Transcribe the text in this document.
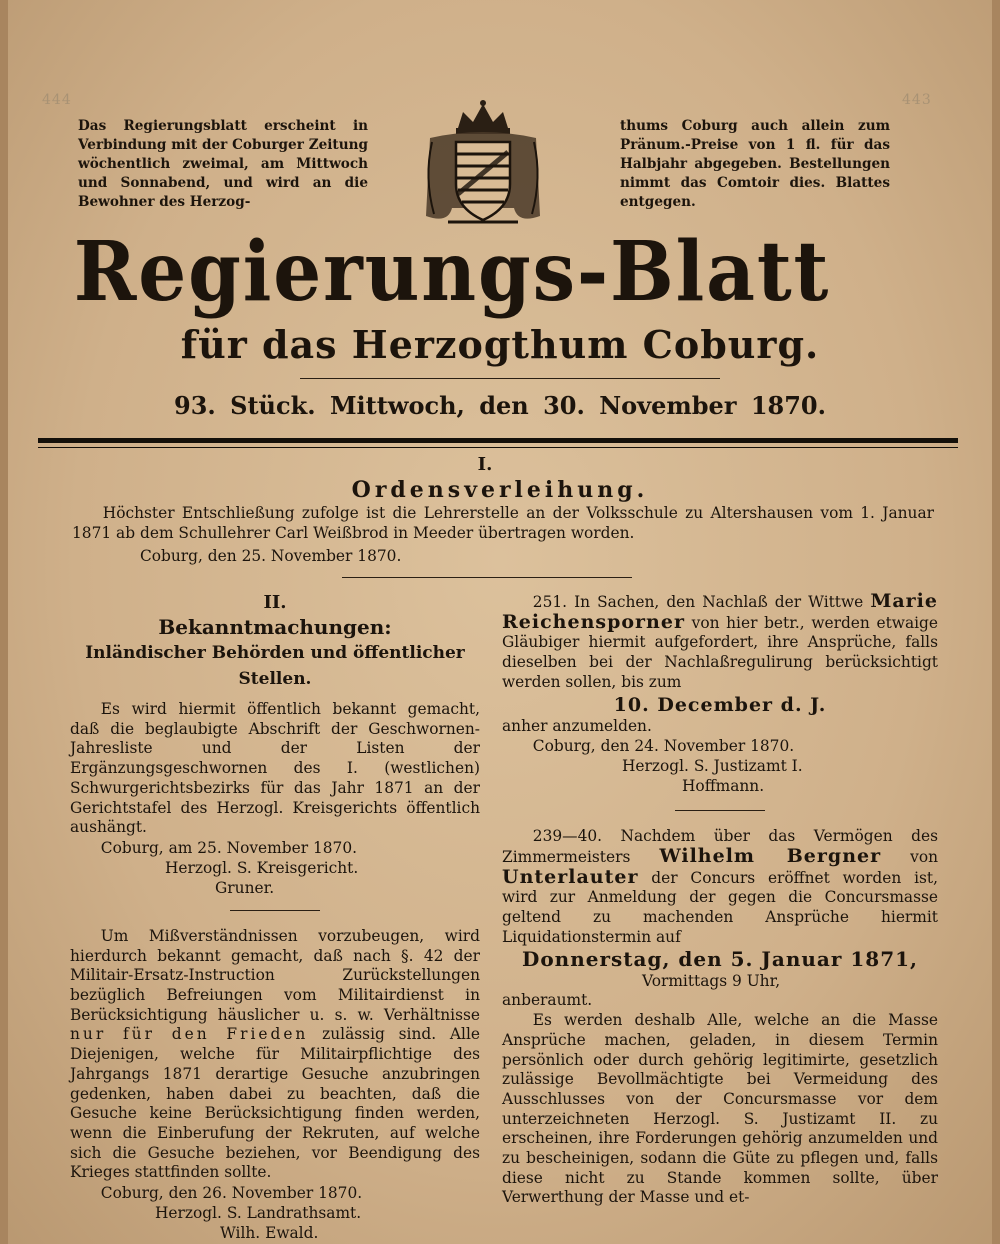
444	443
Das Regierungsblatt erscheint in Verbindung mit der Coburger Zeitung wöchentlich zweimal, am Mittwoch und Sonnabend, und wird an die Bewohner des Herzog-
thums Coburg auch allein zum Pränum.-Preise von 1 fl. für das Halbjahr abgegeben. Bestellungen nimmt das Comtoir dies. Blattes entgegen.
Regierungs-Blatt
für das Herzogthum Coburg.
93. Stück. Mittwoch, den 30. November 1870.
I.
Ordensverleihung.
Höchster Entschließung zufolge ist die Lehrerstelle an der Volksschule zu Altershausen vom 1. Januar 1871 ab dem Schullehrer Carl Weißbrod in Meeder übertragen worden.
Coburg, den 25. November 1870.
II.
Bekanntmachungen:
Inländischer Behörden und öffentlicher Stellen.

Es wird hiermit öffentlich bekannt gemacht, daß die beglaubigte Abschrift der Geschwornen-Jahresliste und der Listen der Ergänzungsgeschwornen des I. (westlichen) Schwurgerichtsbezirks für das Jahr 1871 an der Gerichtstafel des Herzogl. Kreisgerichts öffentlich aushängt.

Coburg, am 25. November 1870.

Herzogl. S. Kreisgericht.

Gruner.

Um Mißverständnissen vorzubeugen, wird hierdurch bekannt gemacht, daß nach §. 42 der Militair-Ersatz-Instruction Zurückstellungen bezüglich Befreiungen vom Militairdienst in Berücksichtigung häuslicher u. s. w. Verhältnisse nur für den Frieden zulässig sind. Alle Diejenigen, welche für Militairpflichtige des Jahrgangs 1871 derartige Gesuche anzubringen gedenken, haben dabei zu beachten, daß die Gesuche keine Berücksichtigung finden werden, wenn die Einberufung der Rekruten, auf welche sich die Gesuche beziehen, vor Beendigung des Krieges stattfinden sollte.

Coburg, den 26. November 1870.

Herzogl. S. Landrathsamt.

Wilh. Ewald.

251. In Sachen, den Nachlaß der Wittwe Marie Reichensporner von hier betr., werden etwaige Gläubiger hiermit aufgefordert, ihre Ansprüche, falls dieselben bei der Nachlaßregulirung berücksichtigt werden sollen, bis zum

10. December d. J.

anher anzumelden.

Coburg, den 24. November 1870.

Herzogl. S. Justizamt I.

Hoffmann.

239—40. Nachdem über das Vermögen des Zimmermeisters Wilhelm Bergner von Unterlauter der Concurs eröffnet worden ist, wird zur Anmeldung der gegen die Concursmasse geltend zu machenden Ansprüche hiermit Liquidationstermin auf

Donnerstag, den 5. Januar 1871,

Vormittags 9 Uhr,

anberaumt.

Es werden deshalb Alle, welche an die Masse Ansprüche machen, geladen, in diesem Termin persönlich oder durch gehörig legitimirte, gesetzlich zulässige Bevollmächtigte bei Vermeidung des Ausschlusses von der Concursmasse vor dem unterzeichneten Herzogl. S. Justizamt II. zu erscheinen, ihre Forderungen gehörig anzumelden und zu bescheinigen, sodann die Güte zu pflegen und, falls diese nicht zu Stande kommen sollte, über Verwerthung der Masse und et-
